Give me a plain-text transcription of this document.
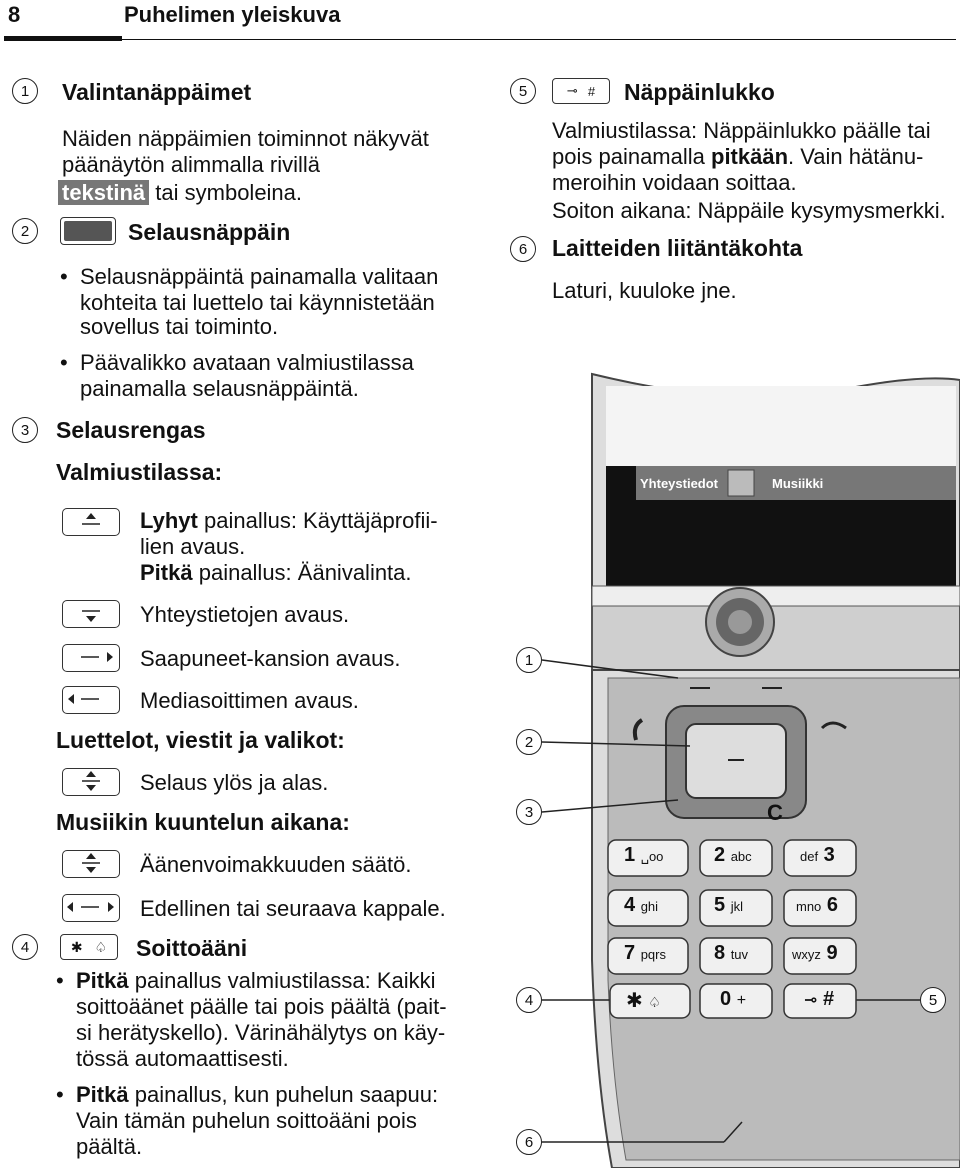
8	Puhelimen yleiskuva
1	Valintanäppäimet
Näiden näppäimien toiminnot näkyvät
päänäytön alimmalla rivillä
tekstinä tai symboleina.
2	Selausnäppäin
• Selausnäppäintä painamalla valitaan
kohteita tai luettelo tai käynnistetään
sovellus tai toiminto.
• Päävalikko avataan valmiustilassa
painamalla selausnäppäintä.
3	Selausrengas
Valmiustilassa:
Lyhyt painallus: Käyttäjäprofii-
lien avaus.
Pitkä painallus: Äänivalinta.
Yhteystietojen avaus.
Saapuneet-kansion avaus.
Mediasoittimen avaus.
Luettelot, viestit ja valikot:
Selaus ylös ja alas.
Musiikin kuuntelun aikana:
Äänenvoimakkuuden säätö.
Edellinen tai seuraava kappale.
4	✱ ♤ Soittoääni
• Pitkä painallus valmiustilassa: Kaikki
soittoäänet päälle tai pois päältä (pait-
si herätyskello). Värinähälytys on käy-
tössä automaattisesti.
• Pitkä painallus, kun puhelun saapuu:
Vain tämän puhelun soittoääni pois
päältä.
5	⊸ # Näppäinlukko
Valmiustilassa: Näppäinlukko päälle tai
pois painamalla pitkään. Vain hätänu-
meroihin voidaan soittaa.
Soiton aikana: Näppäile kysymysmerkki.
6	Laitteiden liitäntäkohta
Laturi, kuuloke jne.
Yhteystiedot	Musiikki
C
1 ␣oo	2 abc	def 3
4 ghi	5 jkl	mno 6
7 pqrs 8 tuv	wxyz 9
✱ ♤	0 +	⊸ #
1
2
3
4	5
6
